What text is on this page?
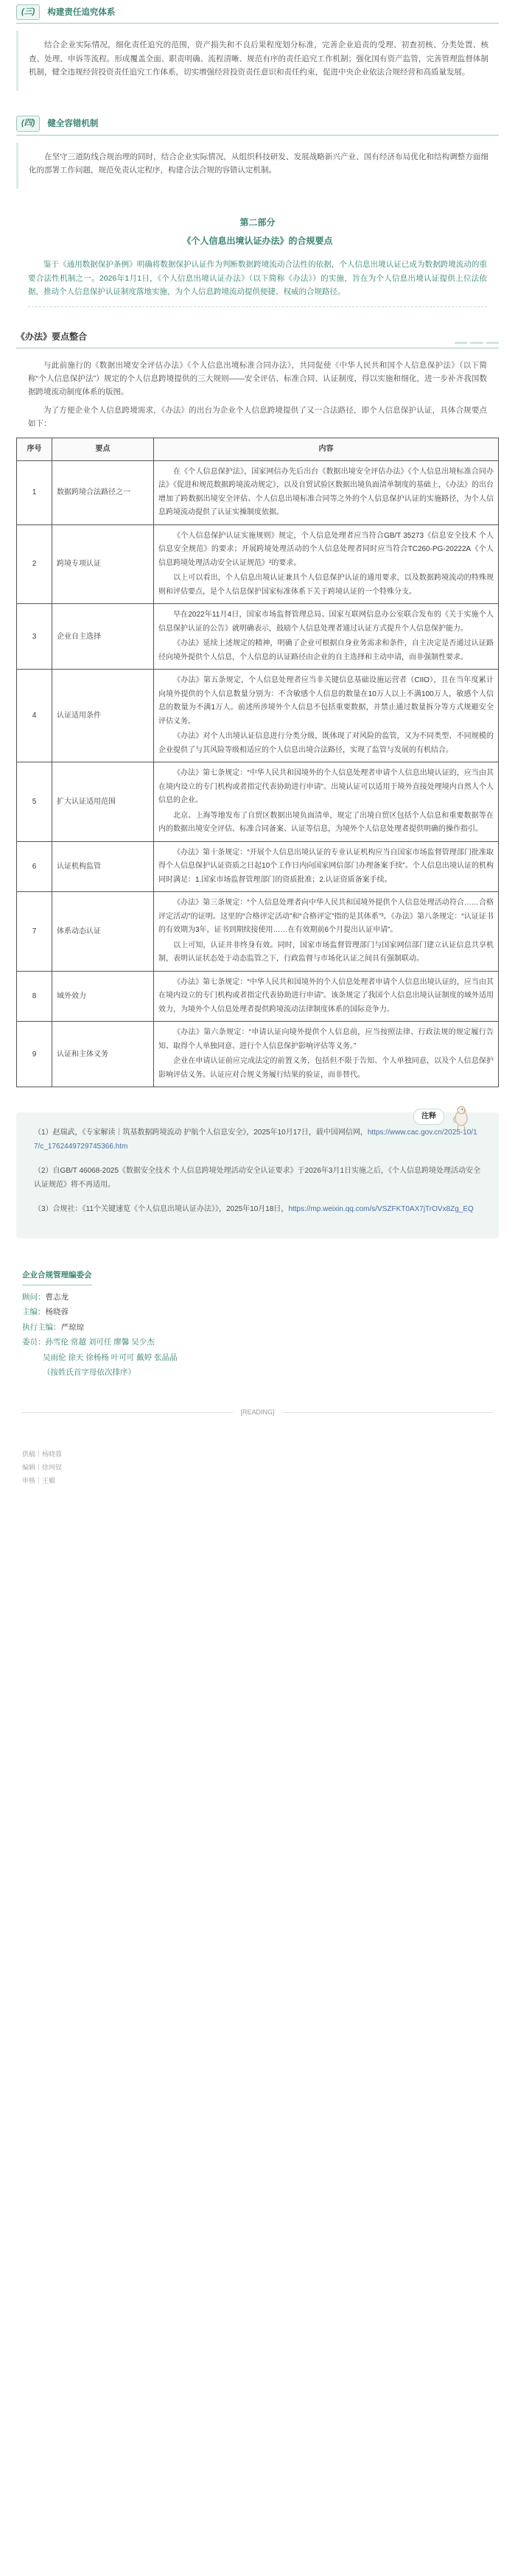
(三)	构建责任追究体系

结合企业实际情况，细化责任追究的范围，资产损失和不良后果程度划分标准，完善企业追责的受理、初查初核、分类处置、核查、处理、申诉等流程。形成覆盖全面、职责明确、流程清晰、规范有序的责任追究工作机制；强化国有资产监管，完善管理监督体制机制，健全违规经营投资责任追究工作体系，切实增强经营投资责任意识和责任约束，促进中央企业依法合规经营和高质量发展。

(四)	健全容错机制

在坚守三道防线合规治理的同时，结合企业实际情况，从组织科技研发、发展战略新兴产业、国有经济布局优化和结构调整方面细化的部署工作问题，规范免责认定程序，构建合法合规的容错认定机制。

第二部分
《个人信息出境认证办法》的合规要点
鉴于《通用数据保护条例》明确将数据保护认证作为判断数据跨境流动合法性的依据，个人信息出境认证已成为数据跨境流动的重要合法性机制之一。2026年1月1日，《个人信息出境认证办法》（以下简称《办法》）的实施，旨在为个人信息出境认证提供上位法依据，推动个人信息保护认证制度落地实施，为个人信息跨境流动提供便捷、权威的合规路径。
《办法》要点整合

与此前施行的《数据出境安全评估办法》《个人信息出境标准合同办法》，共同促使《中华人民共和国个人信息保护法》（以下简称“个人信息保护法”）规定的个人信息跨境提供的三大规则——安全评估、标准合同、认证制度，得以实施和细化，进一步补齐我国数据跨境流动制度体系的版图。

为了方便企业个人信息跨境需求，《办法》的出台为企业个人信息跨境提供了又一合法路径，即个人信息保护认证，具体合规要点如下：

序号	要点	内容
1	数据跨境合法路径之一	在《个人信息保护法》，国家网信办先后出台《数据出境安全评估办法》《个人信息出境标准合同办法》《促进和规范数据跨境流动规定》，以及自贸试验区数据出境负面清单制度的基础上，《办法》的出台增加了跨数据出境安全评估、个人信息出境标准合同等之外的个人信息保护认证的实施路径，为个人信息跨境流动提供了认证实操制度依据。

2	跨境专项认证	《个人信息保护认证实施规则》规定，个人信息处理者应当符合GB/T 35273《信息安全技术 个人信息安全规范》的要求；开展跨境处理活动的个人信息处理者同时应当符合TC260-PG-20222A《个人信息跨境处理活动安全认证规范》²的要求。

以上可以看出，个人信息出境认证兼具个人信息保护认证的通用要求，以及数据跨境流动的特殊规则和评估要点，是个人信息保护国家标准体系下关于跨境认证的一个特殊分支。

3	企业自主选择	早在2022年11月4日，国家市场监督管理总局、国家互联网信息办公室联合发布的《关于实施个人信息保护认证的公告》就明确表示，鼓励个人信息处理者通过认证方式提升个人信息保护能力。

《办法》延续上述规定的精神，明确了企业可根据自身业务需求和条件，自主决定是否通过认证路径向境外提供个人信息，个人信息的认证路径由企业的自主选择和主动申请，而非强制性要求。

4	认证适用条件	《办法》第五条规定，个人信息处理者应当非关键信息基础设施运营者（CIIO），且在当年度累计向境外提供的个人信息数量分别为：不含敏感个人信息的数量在10万人以上不满100万人，敏感个人信息的数量为不满1万人。前述所涉境外个人信息不包括重要数据，并禁止通过数量拆分等方式规避安全评估义务。

《办法》对个人出境认证信息进行分类分级，既体现了对风险的监管，又为不同类型、不同规模的企业提供了与其风险等级相适应的个人信息出境合法路径，实现了监管与发展的有机结合。

5	扩大认证适用范围	《办法》第七条规定：“中华人民共和国境外的个人信息处理者申请个人信息出境认证的，应当由其在境内设立的专门机构或者指定代表协助进行申请”。出境认证可以适用于境外直接处理境内自然人个人信息的企业。

北京、上海等地发布了自贸区数据出境负面清单，规定了出境自贸区包括个人信息和重要数据等在内的数据出境安全评估、标准合同备案、认证等信息，为境外个人信息处理者提供明确的操作指引。

6	认证机构监管	《办法》第十条规定：“开展个人信息出境认证的专业认证机构应当自国家市场监督管理部门批准取得个人信息保护认证资质之日起10个工作日内向国家网信部门办理备案手续”。个人信息出境认证的机构同时满足：1.国家市场监督管理部门的资质批准；2.认证资质备案手续。

7	体系动态认证	《办法》第三条规定：“个人信息处理者向中华人民共和国境外提供个人信息处理活动符合……合格评定活动”的证明。这里的“合格评定活动”和“合格评定”指的是其体系”³。《办法》第八条规定：“认证证书的有效期为3年，证书到期续接使用……在有效期前6个月提出认证申请”。

以上可知，认证并非终身有效。同时，国家市场监督管理部门与国家网信部门建立认证信息共享机制，表明认证状态处于动态监管之下，行政监督与市场化认证之间具有强制联动。

8	域外效力	《办法》第七条规定：“中华人民共和国境外的个人信息处理者申请个人信息出境认证的，应当由其在境内设立的专门机构或者指定代表协助进行申请”。该条规定了我国个人信息出境认证制度的域外适用效力，为境外个人信息处理者提供跨境流动法律制度体系的国际竞争力。

9	认证和主体义务	《办法》第六条规定：“申请认证向境外提供个人信息前，应当按照法律、行政法规的规定履行告知、取得个人单独同意、进行个人信息保护影响评估等义务。”

企业在申请认证前应完成法定的前置义务，包括但不限于告知、个人单独同意，以及个人信息保护影响评估义务。认证应对合规义务履行结果的验证，而非替代。

注释
（1）赵瑞武，《专家解读｜筑基数据跨境流动 护航个人信息安全》，2025年10月17日，载中国网信网，https://www.cac.gov.cn/2025-10/17/c_1762449729745366.htm
（2）自GB/T 46068-2025《数据安全技术 个人信息跨境处理活动安全认证要求》于2026年3月1日实施之后，《个人信息跨境处理活动安全认证规范》将不再适用。
（3）合规社：《11个关键速览《个人信息出境认证办法》》，2025年10月18日，https://mp.weixin.qq.com/s/VSZFKT0AX7jTrOVx8Zg_EQ
企业合规管理编委会
顾问：曹志龙
主编：杨晓蓉
执行主编：严琼琼
委员：孙雪伦 常越 刘可任 廖馨 吴少杰
吴雨伦 徐天 徐杨杨 叶可可 戴婷 张晶晶
（按姓氏首字母依次排序）
[READING]
供稿｜杨晓蓉
编辑｜徐珂钗
审核｜王媚
